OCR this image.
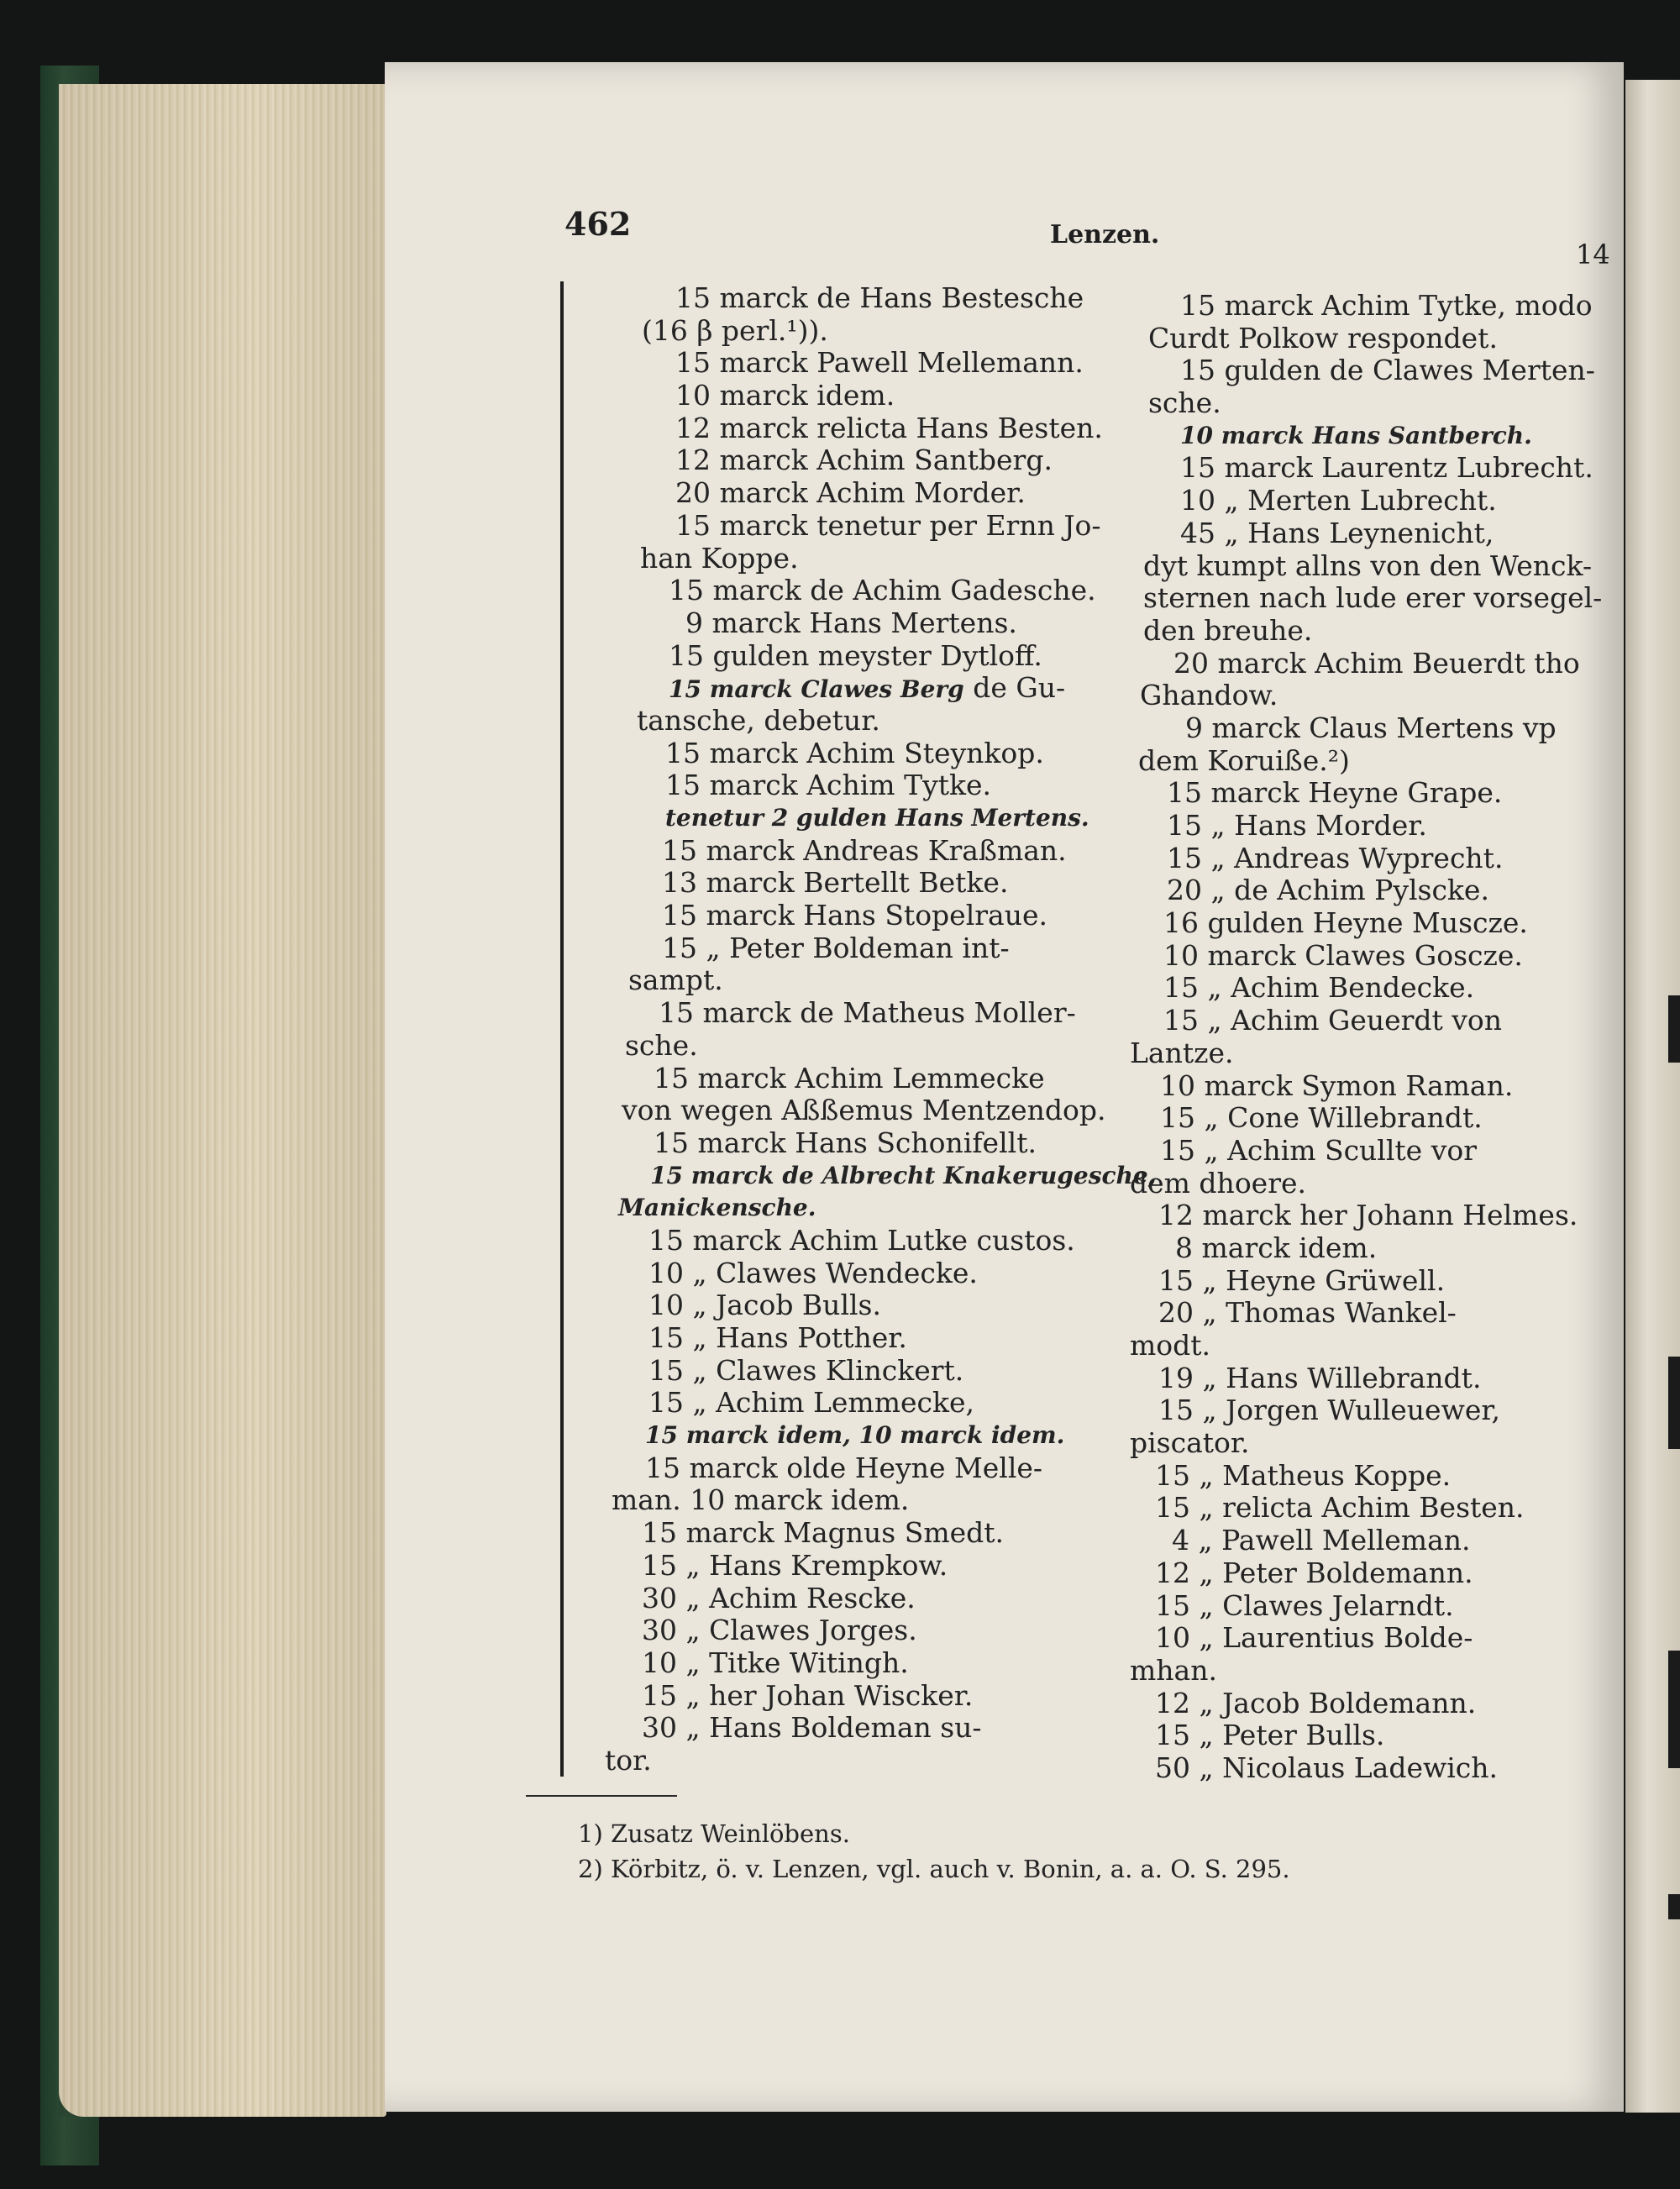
462	Lenzen.
14
15 marck de Hans Bestesche
(16 β perl.¹)).
15 marck Pawell Mellemann.
10 marck idem.
12 marck relicta Hans Besten.
12 marck Achim Santberg.
20 marck Achim Morder.
15 marck tenetur per Ernn Jo-
han Koppe.
15 marck de Achim Gadesche.
9 marck Hans Mertens.
15 gulden meyster Dytloff.
15 marck Clawes Berg de Gu-
tansche, debetur.
15 marck Achim Steynkop.
15 marck Achim Tytke.
tenetur 2 gulden Hans Mertens.
15 marck Andreas Kraßman.
13 marck Bertellt Betke.
15 marck Hans Stopelraue.
15 „ Peter Boldeman int-
sampt.
15 marck de Matheus Moller-
sche.
15 marck Achim Lemmecke
von wegen Aßßemus Mentzendop.
15 marck Hans Schonifellt.
15 marck de Albrecht Knakerugesche,
Manickensche.
15 marck Achim Lutke custos.
10 „ Clawes Wendecke.
10 „ Jacob Bulls.
15 „ Hans Potther.
15 „ Clawes Klinckert.
15 „ Achim Lemmecke,
15 marck idem, 10 marck idem.
15 marck olde Heyne Melle-
man. 10 marck idem.
15 marck Magnus Smedt.
15 „ Hans Krempkow.
30 „ Achim Rescke.
30 „ Clawes Jorges.
10 „ Titke Witingh.
15 „ her Johan Wiscker.
30 „ Hans Boldeman su-
tor.
15 marck Achim Tytke, modo
Curdt Polkow respondet.
15 gulden de Clawes Merten-
sche.
10 marck Hans Santberch.
15 marck Laurentz Lubrecht.
10 „ Merten Lubrecht.
45 „ Hans Leynenicht,
dyt kumpt allns von den Wenck-
sternen nach lude erer vorsegel-
den breuhe.
20 marck Achim Beuerdt tho
Ghandow.
9 marck Claus Mertens vp
dem Koruiße.²)
15 marck Heyne Grape.
15 „ Hans Morder.
15 „ Andreas Wyprecht.
20 „ de Achim Pylscke.
16 gulden Heyne Muscze.
10 marck Clawes Goscze.
15 „ Achim Bendecke.
15 „ Achim Geuerdt von
Lantze.
10 marck Symon Raman.
15 „ Cone Willebrandt.
15 „ Achim Scullte vor
dem dhoere.
12 marck her Johann Helmes.
8 marck idem.
15 „ Heyne Grüwell.
20 „ Thomas Wankel-
modt.
19 „ Hans Willebrandt.
15 „ Jorgen Wulleuewer,
piscator.
15 „ Matheus Koppe.
15 „ relicta Achim Besten.
4 „ Pawell Melleman.
12 „ Peter Boldemann.
15 „ Clawes Jelarndt.
10 „ Laurentius Bolde-
mhan.
12 „ Jacob Boldemann.
15 „ Peter Bulls.
50 „ Nicolaus Ladewich.
1) Zusatz Weinlöbens.
2) Körbitz, ö. v. Lenzen, vgl. auch v. Bonin, a. a. O. S. 295.
